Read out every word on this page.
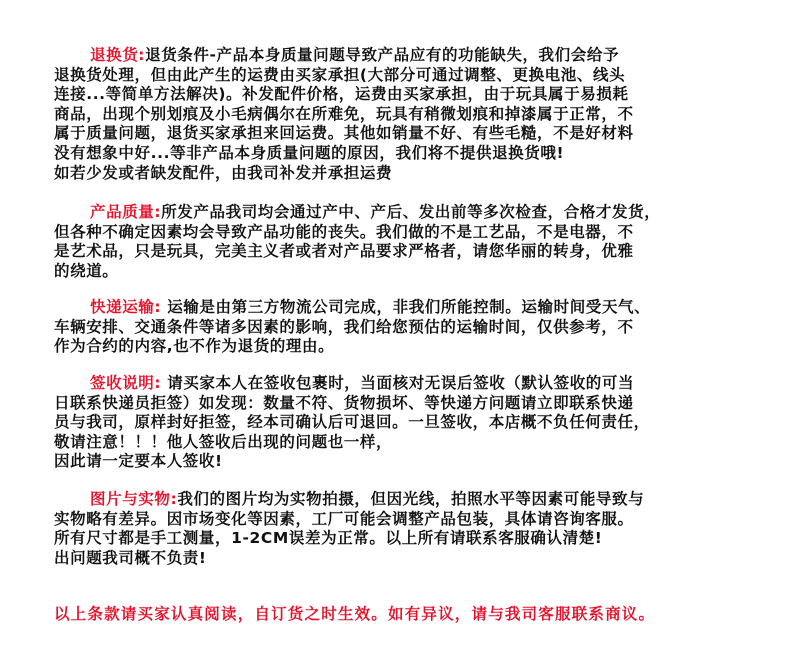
退换货:退货条件-产品本身质量问题导致产品应有的功能缺失，我们会给予
退换货处理，但由此产生的运费由买家承担(大部分可通过调整、更换电池、线头
连接...等简单方法解决)。补发配件价格，运费由买家承担，由于玩具属于易损耗
商品，出现个别划痕及小毛病偶尔在所难免，玩具有稍微划痕和掉漆属于正常，不
属于质量问题，退货买家承担来回运费。其他如销量不好、有些毛糙，不是好材料
没有想象中好...等非产品本身质量问题的原因，我们将不提供退换货哦!
如若少发或者缺发配件，由我司补发并承担运费
产品质量:所发产品我司均会通过产中、产后、发出前等多次检查，合格才发货，
但各种不确定因素均会导致产品功能的丧失。我们做的不是工艺品，不是电器，不
是艺术品，只是玩具，完美主义者或者对产品要求严格者，请您华丽的转身，优雅
的绕道。
快递运输: 运输是由第三方物流公司完成，非我们所能控制。运输时间受天气、
车辆安排、交通条件等诸多因素的影响，我们给您预估的运输时间，仅供参考，不
作为合约的内容,也不作为退货的理由。
签收说明: 请买家本人在签收包裹时，当面核对无误后签收（默认签收的可当
日联系快递员拒签）如发现：数量不符、货物损坏、等快递方问题请立即联系快递
员与我司，原样封好拒签，经本司确认后可退回。一旦签收，本店概不负任何责任，
敬请注意！！！他人签收后出现的问题也一样，
因此请一定要本人签收!
图片与实物:我们的图片均为实物拍摄，但因光线，拍照水平等因素可能导致与
实物略有差异。因市场变化等因素，工厂可能会调整产品包装，具体请咨询客服。
所有尺寸都是手工测量，1-2CM误差为正常。以上所有请联系客服确认清楚!
出问题我司概不负责!
以上条款请买家认真阅读，自订货之时生效。如有异议，请与我司客服联系商议。
